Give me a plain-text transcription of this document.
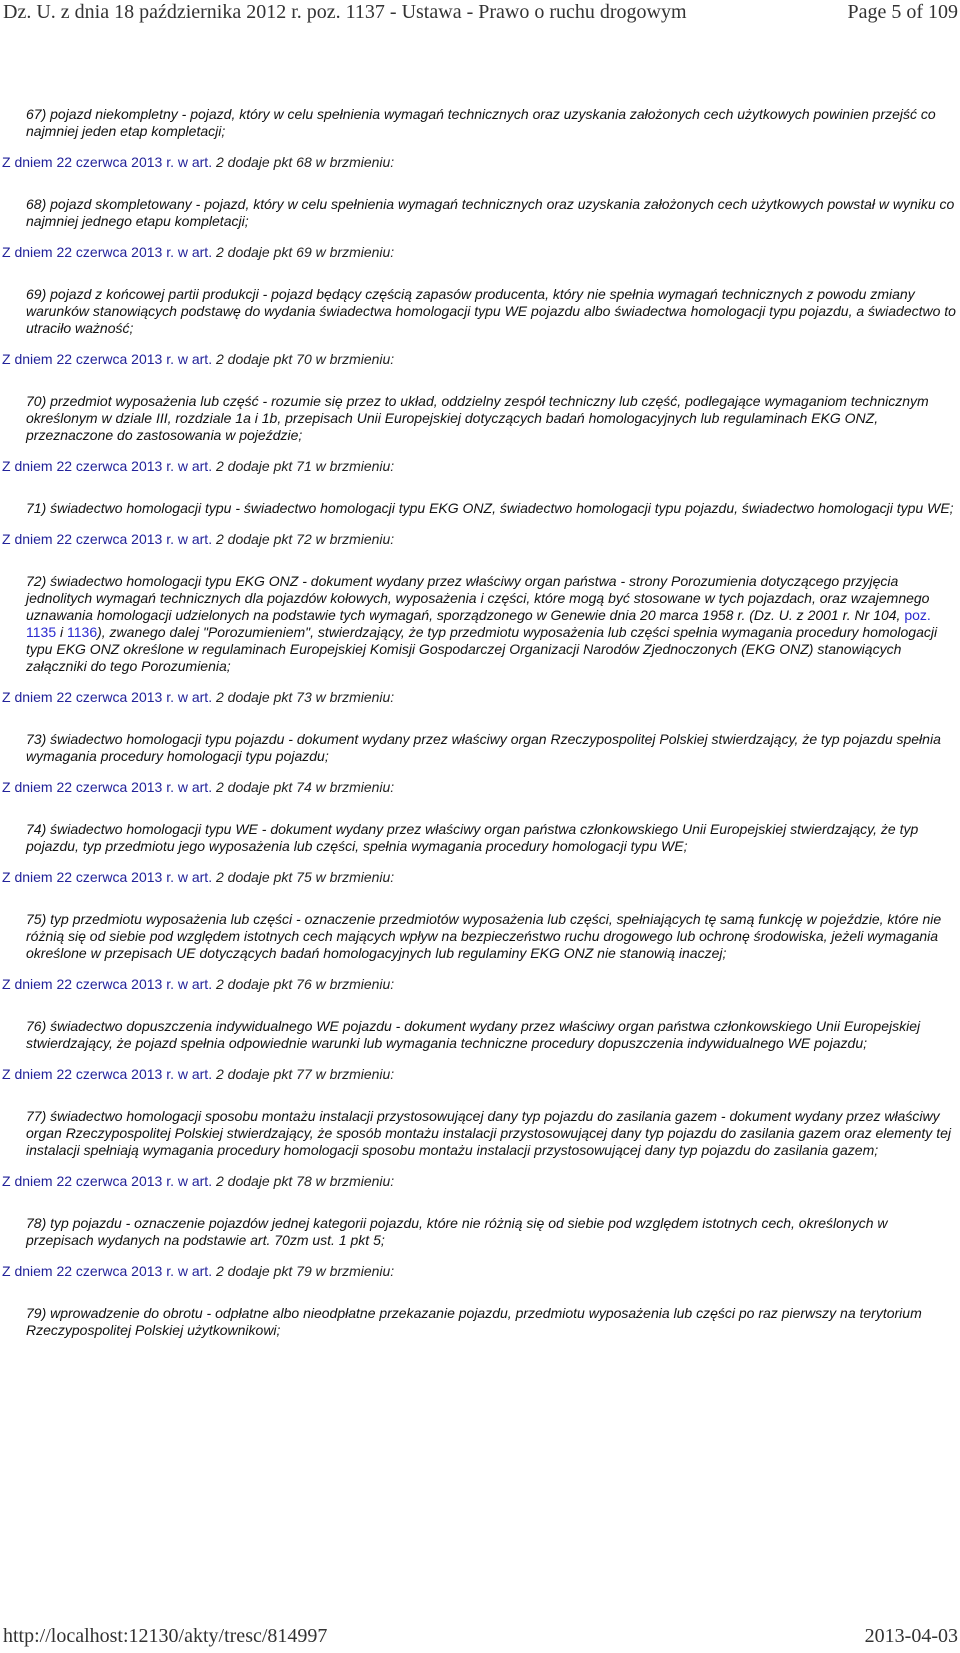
Dz. U. z dnia 18 października 2012 r. poz. 1137 - Ustawa - Prawo o ruchu drogowym	Page 5 of 109

67) pojazd niekompletny - pojazd, który w celu spełnienia wymagań technicznych oraz uzyskania założonych cech użytkowych powinien przejść co najmniej jeden etap kompletacji;

Z dniem 22 czerwca 2013 r. w art. 2 dodaje pkt 68 w brzmieniu:

68) pojazd skompletowany - pojazd, który w celu spełnienia wymagań technicznych oraz uzyskania założonych cech użytkowych powstał w wyniku co najmniej jednego etapu kompletacji;

Z dniem 22 czerwca 2013 r. w art. 2 dodaje pkt 69 w brzmieniu:

69) pojazd z końcowej partii produkcji - pojazd będący częścią zapasów producenta, który nie spełnia wymagań technicznych z powodu zmiany warunków stanowiących podstawę do wydania świadectwa homologacji typu WE pojazdu albo świadectwa homologacji typu pojazdu, a świadectwo to utraciło ważność;

Z dniem 22 czerwca 2013 r. w art. 2 dodaje pkt 70 w brzmieniu:

70) przedmiot wyposażenia lub część - rozumie się przez to układ, oddzielny zespół techniczny lub część, podlegające wymaganiom technicznym określonym w dziale III, rozdziale 1a i 1b, przepisach Unii Europejskiej dotyczących badań homologacyjnych lub regulaminach EKG ONZ, przeznaczone do zastosowania w pojeździe;

Z dniem 22 czerwca 2013 r. w art. 2 dodaje pkt 71 w brzmieniu:

71) świadectwo homologacji typu - świadectwo homologacji typu EKG ONZ, świadectwo homologacji typu pojazdu, świadectwo homologacji typu WE;

Z dniem 22 czerwca 2013 r. w art. 2 dodaje pkt 72 w brzmieniu:

72) świadectwo homologacji typu EKG ONZ - dokument wydany przez właściwy organ państwa - strony Porozumienia dotyczącego przyjęcia jednolitych wymagań technicznych dla pojazdów kołowych, wyposażenia i części, które mogą być stosowane w tych pojazdach, oraz wzajemnego uznawania homologacji udzielonych na podstawie tych wymagań, sporządzonego w Genewie dnia 20 marca 1958 r. (Dz. U. z 2001 r. Nr 104, poz. 1135 i 1136), zwanego dalej "Porozumieniem", stwierdzający, że typ przedmiotu wyposażenia lub części spełnia wymagania procedury homologacji typu EKG ONZ określone w regulaminach Europejskiej Komisji Gospodarczej Organizacji Narodów Zjednoczonych (EKG ONZ) stanowiących załączniki do tego Porozumienia;

Z dniem 22 czerwca 2013 r. w art. 2 dodaje pkt 73 w brzmieniu:

73) świadectwo homologacji typu pojazdu - dokument wydany przez właściwy organ Rzeczypospolitej Polskiej stwierdzający, że typ pojazdu spełnia wymagania procedury homologacji typu pojazdu;

Z dniem 22 czerwca 2013 r. w art. 2 dodaje pkt 74 w brzmieniu:

74) świadectwo homologacji typu WE - dokument wydany przez właściwy organ państwa członkowskiego Unii Europejskiej stwierdzający, że typ pojazdu, typ przedmiotu jego wyposażenia lub części, spełnia wymagania procedury homologacji typu WE;

Z dniem 22 czerwca 2013 r. w art. 2 dodaje pkt 75 w brzmieniu:

75) typ przedmiotu wyposażenia lub części - oznaczenie przedmiotów wyposażenia lub części, spełniających tę samą funkcję w pojeździe, które nie różnią się od siebie pod względem istotnych cech mających wpływ na bezpieczeństwo ruchu drogowego lub ochronę środowiska, jeżeli wymagania określone w przepisach UE dotyczących badań homologacyjnych lub regulaminy EKG ONZ nie stanowią inaczej;

Z dniem 22 czerwca 2013 r. w art. 2 dodaje pkt 76 w brzmieniu:

76) świadectwo dopuszczenia indywidualnego WE pojazdu - dokument wydany przez właściwy organ państwa członkowskiego Unii Europejskiej stwierdzający, że pojazd spełnia odpowiednie warunki lub wymagania techniczne procedury dopuszczenia indywidualnego WE pojazdu;

Z dniem 22 czerwca 2013 r. w art. 2 dodaje pkt 77 w brzmieniu:

77) świadectwo homologacji sposobu montażu instalacji przystosowującej dany typ pojazdu do zasilania gazem - dokument wydany przez właściwy organ Rzeczypospolitej Polskiej stwierdzający, że sposób montażu instalacji przystosowującej dany typ pojazdu do zasilania gazem oraz elementy tej instalacji spełniają wymagania procedury homologacji sposobu montażu instalacji przystosowującej dany typ pojazdu do zasilania gazem;

Z dniem 22 czerwca 2013 r. w art. 2 dodaje pkt 78 w brzmieniu:

78) typ pojazdu - oznaczenie pojazdów jednej kategorii pojazdu, które nie różnią się od siebie pod względem istotnych cech, określonych w przepisach wydanych na podstawie art. 70zm ust. 1 pkt 5;

Z dniem 22 czerwca 2013 r. w art. 2 dodaje pkt 79 w brzmieniu:

79) wprowadzenie do obrotu - odpłatne albo nieodpłatne przekazanie pojazdu, przedmiotu wyposażenia lub części po raz pierwszy na terytorium Rzeczypospolitej Polskiej użytkownikowi;

http://localhost:12130/akty/tresc/814997	2013-04-03
